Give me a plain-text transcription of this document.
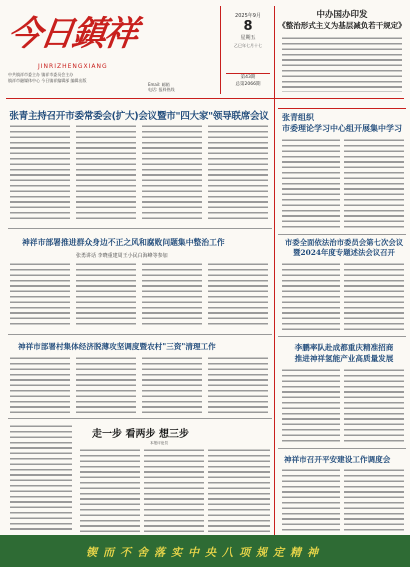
今日鎮祥
JINRIZHENGXIANG
中共镇祥市委主办 镇祥市委员会主办
镇祥市融媒体中心 今日镇祥编辑部 编辑出版
Email: 邮箱
电话: 报料热线
2025年9月
8
星期五
乙巳年七月十七
第43期
总第2066期
中办国办印发
《整治形式主义为基层减负若干规定》
张青主持召开市委常委会(扩大)会议暨市"四大家"领导联席会议
神祥市部署推进群众身边不正之风和腐败问题集中整治工作
张勇讲话 李晓重建周王小民白海峰等参加
神祥市部署村集体经济脱薄攻坚调度暨农村"三资"清理工作
走一步 看两步 想三步
本报评论员
张青组织
市委理论学习中心组开展集中学习
市委全面依法治市委员会第七次会议
暨2024年度专题述法会议召开
李鹏率队赴成都重庆精准招商
推进神祥氢能产业高质量发展
神祥市召开平安建设工作调度会
锲而不舍落实中央八项规定精神
